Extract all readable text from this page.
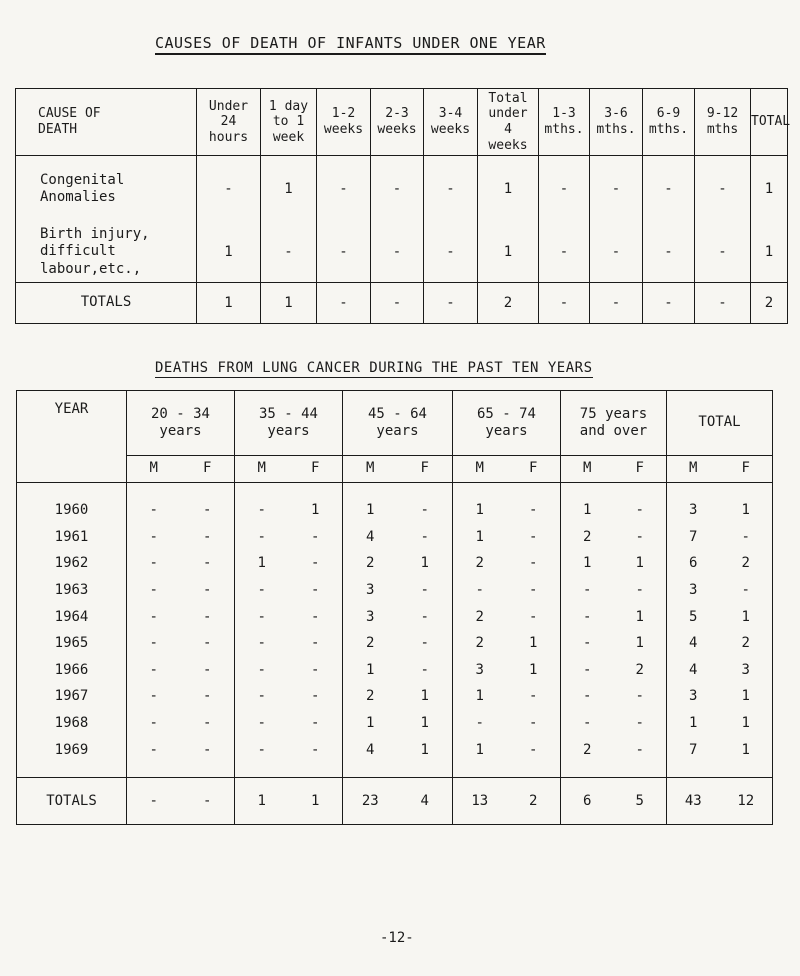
CAUSES OF DEATH OF INFANTS UNDER ONE YEAR
CAUSE OF
DEATH	Under
24
hours	1 day
to 1
week	1-2
weeks	2-3
weeks	3-4
weeks	Total
under
4
weeks	1-3
mths.	3-6
mths.	6-9
mths.	9-12
mths	TOTAL
Congenital
Anomalies	-	1	-	-	-	1	-	-	-	-	1
Birth injury,
difficult
labour,etc.,	1	-	-	-	-	1	-	-	-	-	1
TOTALS	1	1	-	-	-	2	-	-	-	-	2
DEATHS FROM LUNG CANCER DURING THE PAST TEN YEARS
YEAR	20 - 34
years	35 - 44
years	45 - 64
years	65 - 74
years	75 years
and over	TOTAL

	M F	M F	M F	M F	M F	M F

1960	- -	- 1	1 -	1 -	1 -	3 1

1961	- -	- -	4 -	1 -	2 -	7 -

1962	- -	1 -	2 1	2 -	1 1	6 2

1963	- -	- -	3 -	- -	- -	3 -

1964	- -	- -	3 -	2 -	- 1	5 1

1965	- -	- -	2 -	2 1	- 1	4 2

1966	- -	- -	1 -	3 1	- 2	4 3

1967	- -	- -	2 1	1 -	- -	3 1

1968	- -	- -	1 1	- -	- -	1 1

1969	- -	- -	4 1	1 -	2 -	7 1

TOTALS	- -	1 1	23 4	13 2	6 5	43 12
-12-
